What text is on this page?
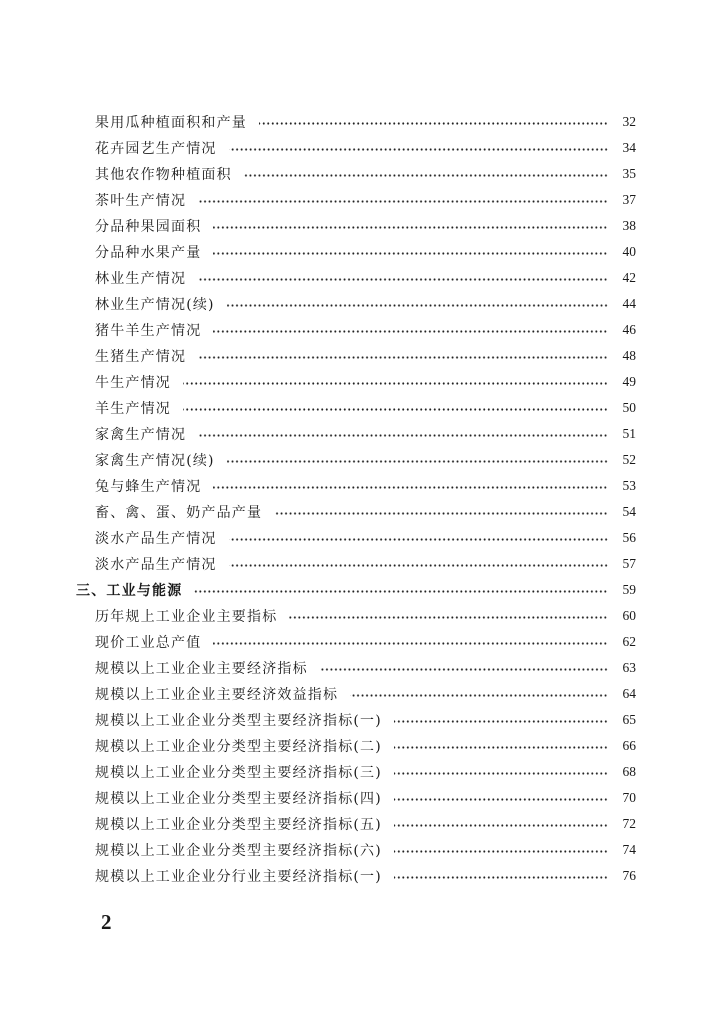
果用瓜种植面积和产量	32
花卉园艺生产情况	34
其他农作物种植面积	35
茶叶生产情况	37
分品种果园面积	38
分品种水果产量	40
林业生产情况	42
林业生产情况(续)	44
猪牛羊生产情况	46
生猪生产情况	48
牛生产情况	49
羊生产情况	50
家禽生产情况	51
家禽生产情况(续)	52
兔与蜂生产情况	53
畜、禽、蛋、奶产品产量	54
淡水产品生产情况	56
淡水产品生产情况	57
三、工业与能源	59
历年规上工业企业主要指标	60
现价工业总产值	62
规模以上工业企业主要经济指标	63
规模以上工业企业主要经济效益指标	64
规模以上工业企业分类型主要经济指标(一)	65
规模以上工业企业分类型主要经济指标(二)	66
规模以上工业企业分类型主要经济指标(三)	68
规模以上工业企业分类型主要经济指标(四)	70
规模以上工业企业分类型主要经济指标(五)	72
规模以上工业企业分类型主要经济指标(六)	74
规模以上工业企业分行业主要经济指标(一)	76
2
